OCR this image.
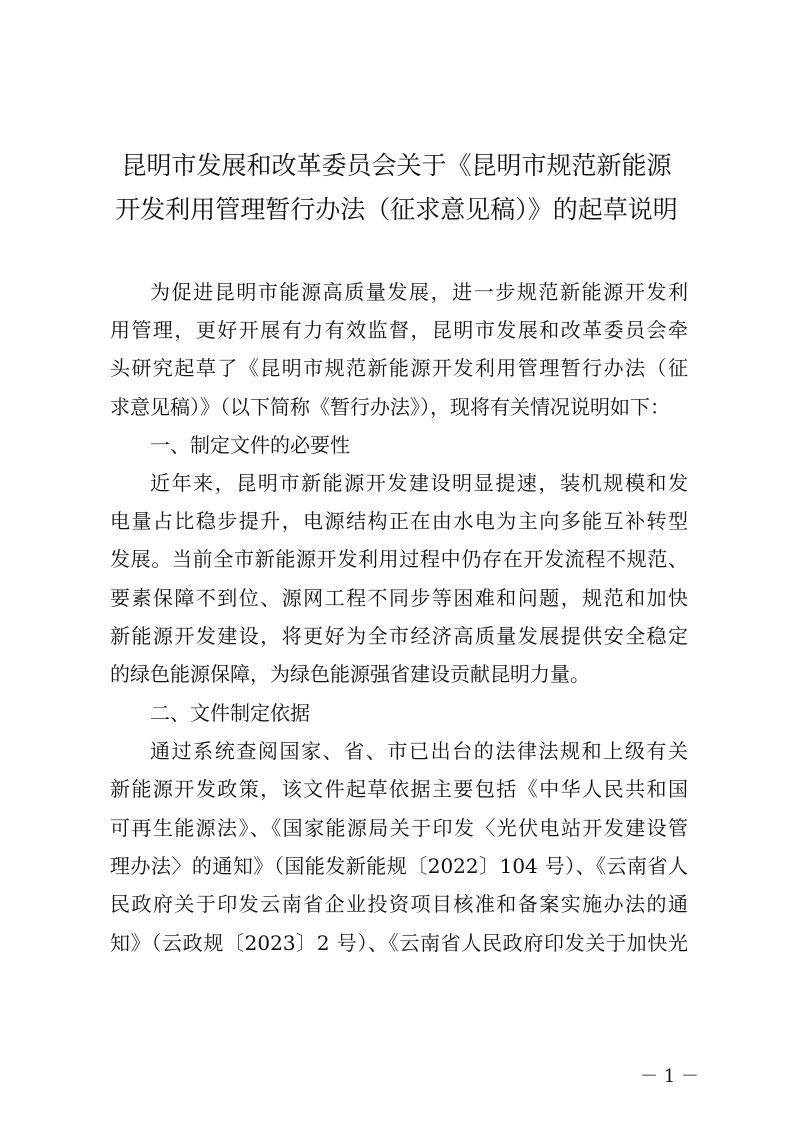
昆明市发展和改革委员会关于《昆明市规范新能源
开发利用管理暂行办法（征求意见稿）》的起草说明
为促进昆明市能源高质量发展，进一步规范新能源开发利
用管理，更好开展有力有效监督，昆明市发展和改革委员会牵
头研究起草了《昆明市规范新能源开发利用管理暂行办法（征
求意见稿）》（以下简称《暂行办法》），现将有关情况说明如下：
一、制定文件的必要性
近年来，昆明市新能源开发建设明显提速，装机规模和发
电量占比稳步提升，电源结构正在由水电为主向多能互补转型
发展。当前全市新能源开发利用过程中仍存在开发流程不规范、
要素保障不到位、源网工程不同步等困难和问题，规范和加快
新能源开发建设，将更好为全市经济高质量发展提供安全稳定
的绿色能源保障，为绿色能源强省建设贡献昆明力量。
二、文件制定依据
通过系统查阅国家、省、市已出台的法律法规和上级有关
新能源开发政策，该文件起草依据主要包括《中华人民共和国
可再生能源法》、《国家能源局关于印发〈光伏电站开发建设管
理办法〉的通知》（国能发新能规〔2022〕104 号）、《云南省人
民政府关于印发云南省企业投资项目核准和备案实施办法的通
知》（云政规〔2023〕2 号）、《云南省人民政府印发关于加快光
－ 1 －
